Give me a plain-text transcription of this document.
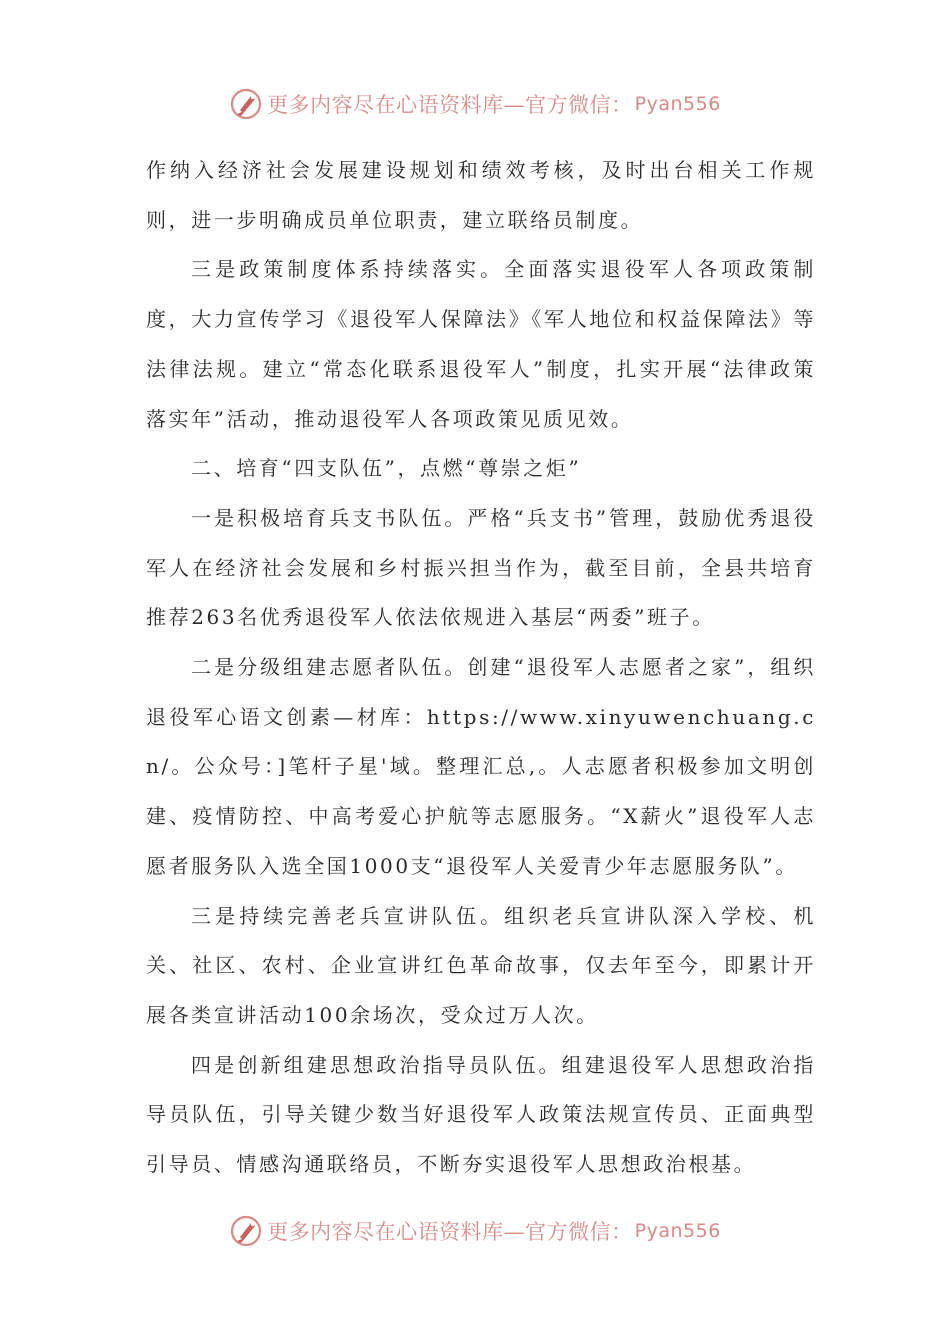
更多内容尽在心语资料库—官方微信： Pyan556

作纳入经济社会发展建设规划和绩效考核，及时出台相关工作规则，进一步明确成员单位职责，建立联络员制度。

三是政策制度体系持续落实。全面落实退役军人各项政策制度，大力宣传学习《退役军人保障法》《军人地位和权益保障法》等法律法规。建立“常态化联系退役军人”制度，扎实开展“法律政策落实年”活动，推动退役军人各项政策见质见效。

二、培育“四支队伍”，点燃“尊崇之炬”

一是积极培育兵支书队伍。严格“兵支书”管理，鼓励优秀退役军人在经济社会发展和乡村振兴担当作为，截至目前，全县共培育推荐263名优秀退役军人依法依规进入基层“两委”班子。

二是分级组建志愿者队伍。创建“退役军人志愿者之家”，组织退役军心语文创素—材库：https://www.xinyuwenchuang.cn/。公众号：]笔杆子星'域。整理汇总,。人志愿者积极参加文明创建、疫情防控、中高考爱心护航等志愿服务。“X薪火”退役军人志愿者服务队入选全国1000支“退役军人关爱青少年志愿服务队”。

三是持续完善老兵宣讲队伍。组织老兵宣讲队深入学校、机关、社区、农村、企业宣讲红色革命故事，仅去年至今，即累计开展各类宣讲活动100余场次，受众过万人次。

四是创新组建思想政治指导员队伍。组建退役军人思想政治指导员队伍，引导关键少数当好退役军人政策法规宣传员、正面典型引导员、情感沟通联络员，不断夯实退役军人思想政治根基。

更多内容尽在心语资料库—官方微信： Pyan556
